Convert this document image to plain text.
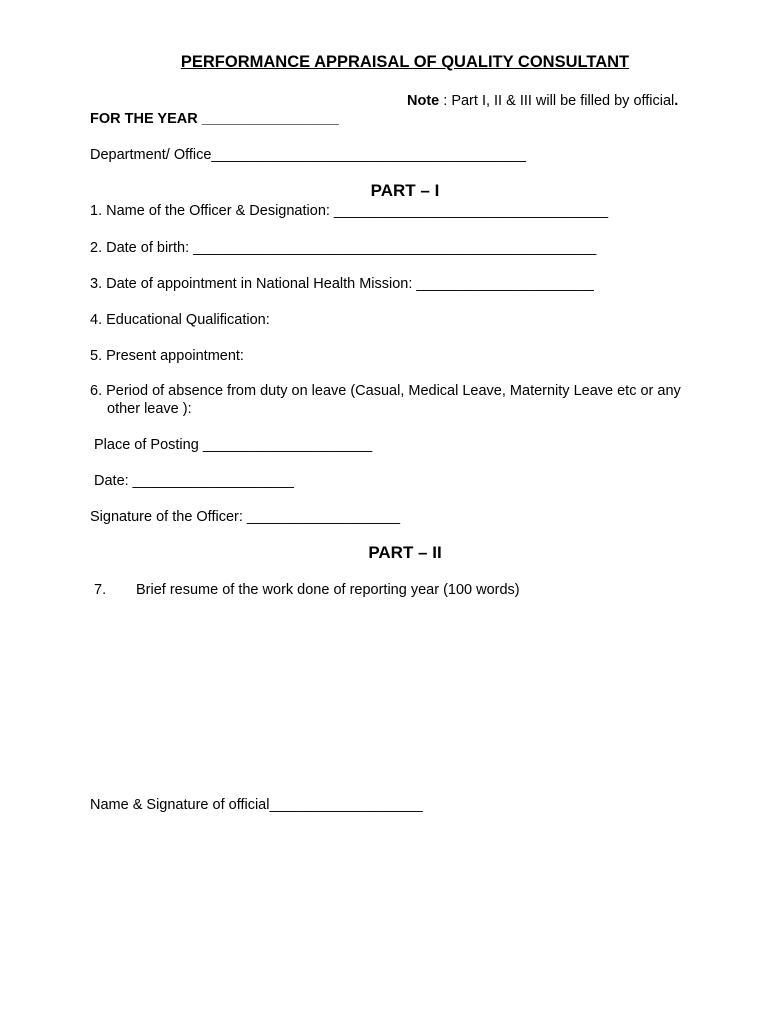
PERFORMANCE APPRAISAL OF QUALITY CONSULTANT
Note : Part I, II & III will be filled by official.
FOR THE YEAR _________________
Department/ Office_______________________________________
PART – I
1. Name of the Officer & Designation: __________________________________
2. Date of birth: __________________________________________________
3. Date of appointment in National Health Mission: ______________________
4. Educational Qualification:
5. Present appointment:
6. Period of absence from duty on leave (Casual, Medical Leave, Maternity Leave etc or any
other leave ):
Place of Posting _____________________
Date: ____________________
Signature of the Officer: ___________________
PART – II
7. Brief resume of the work done of reporting year (100 words)
Name & Signature of official___________________
